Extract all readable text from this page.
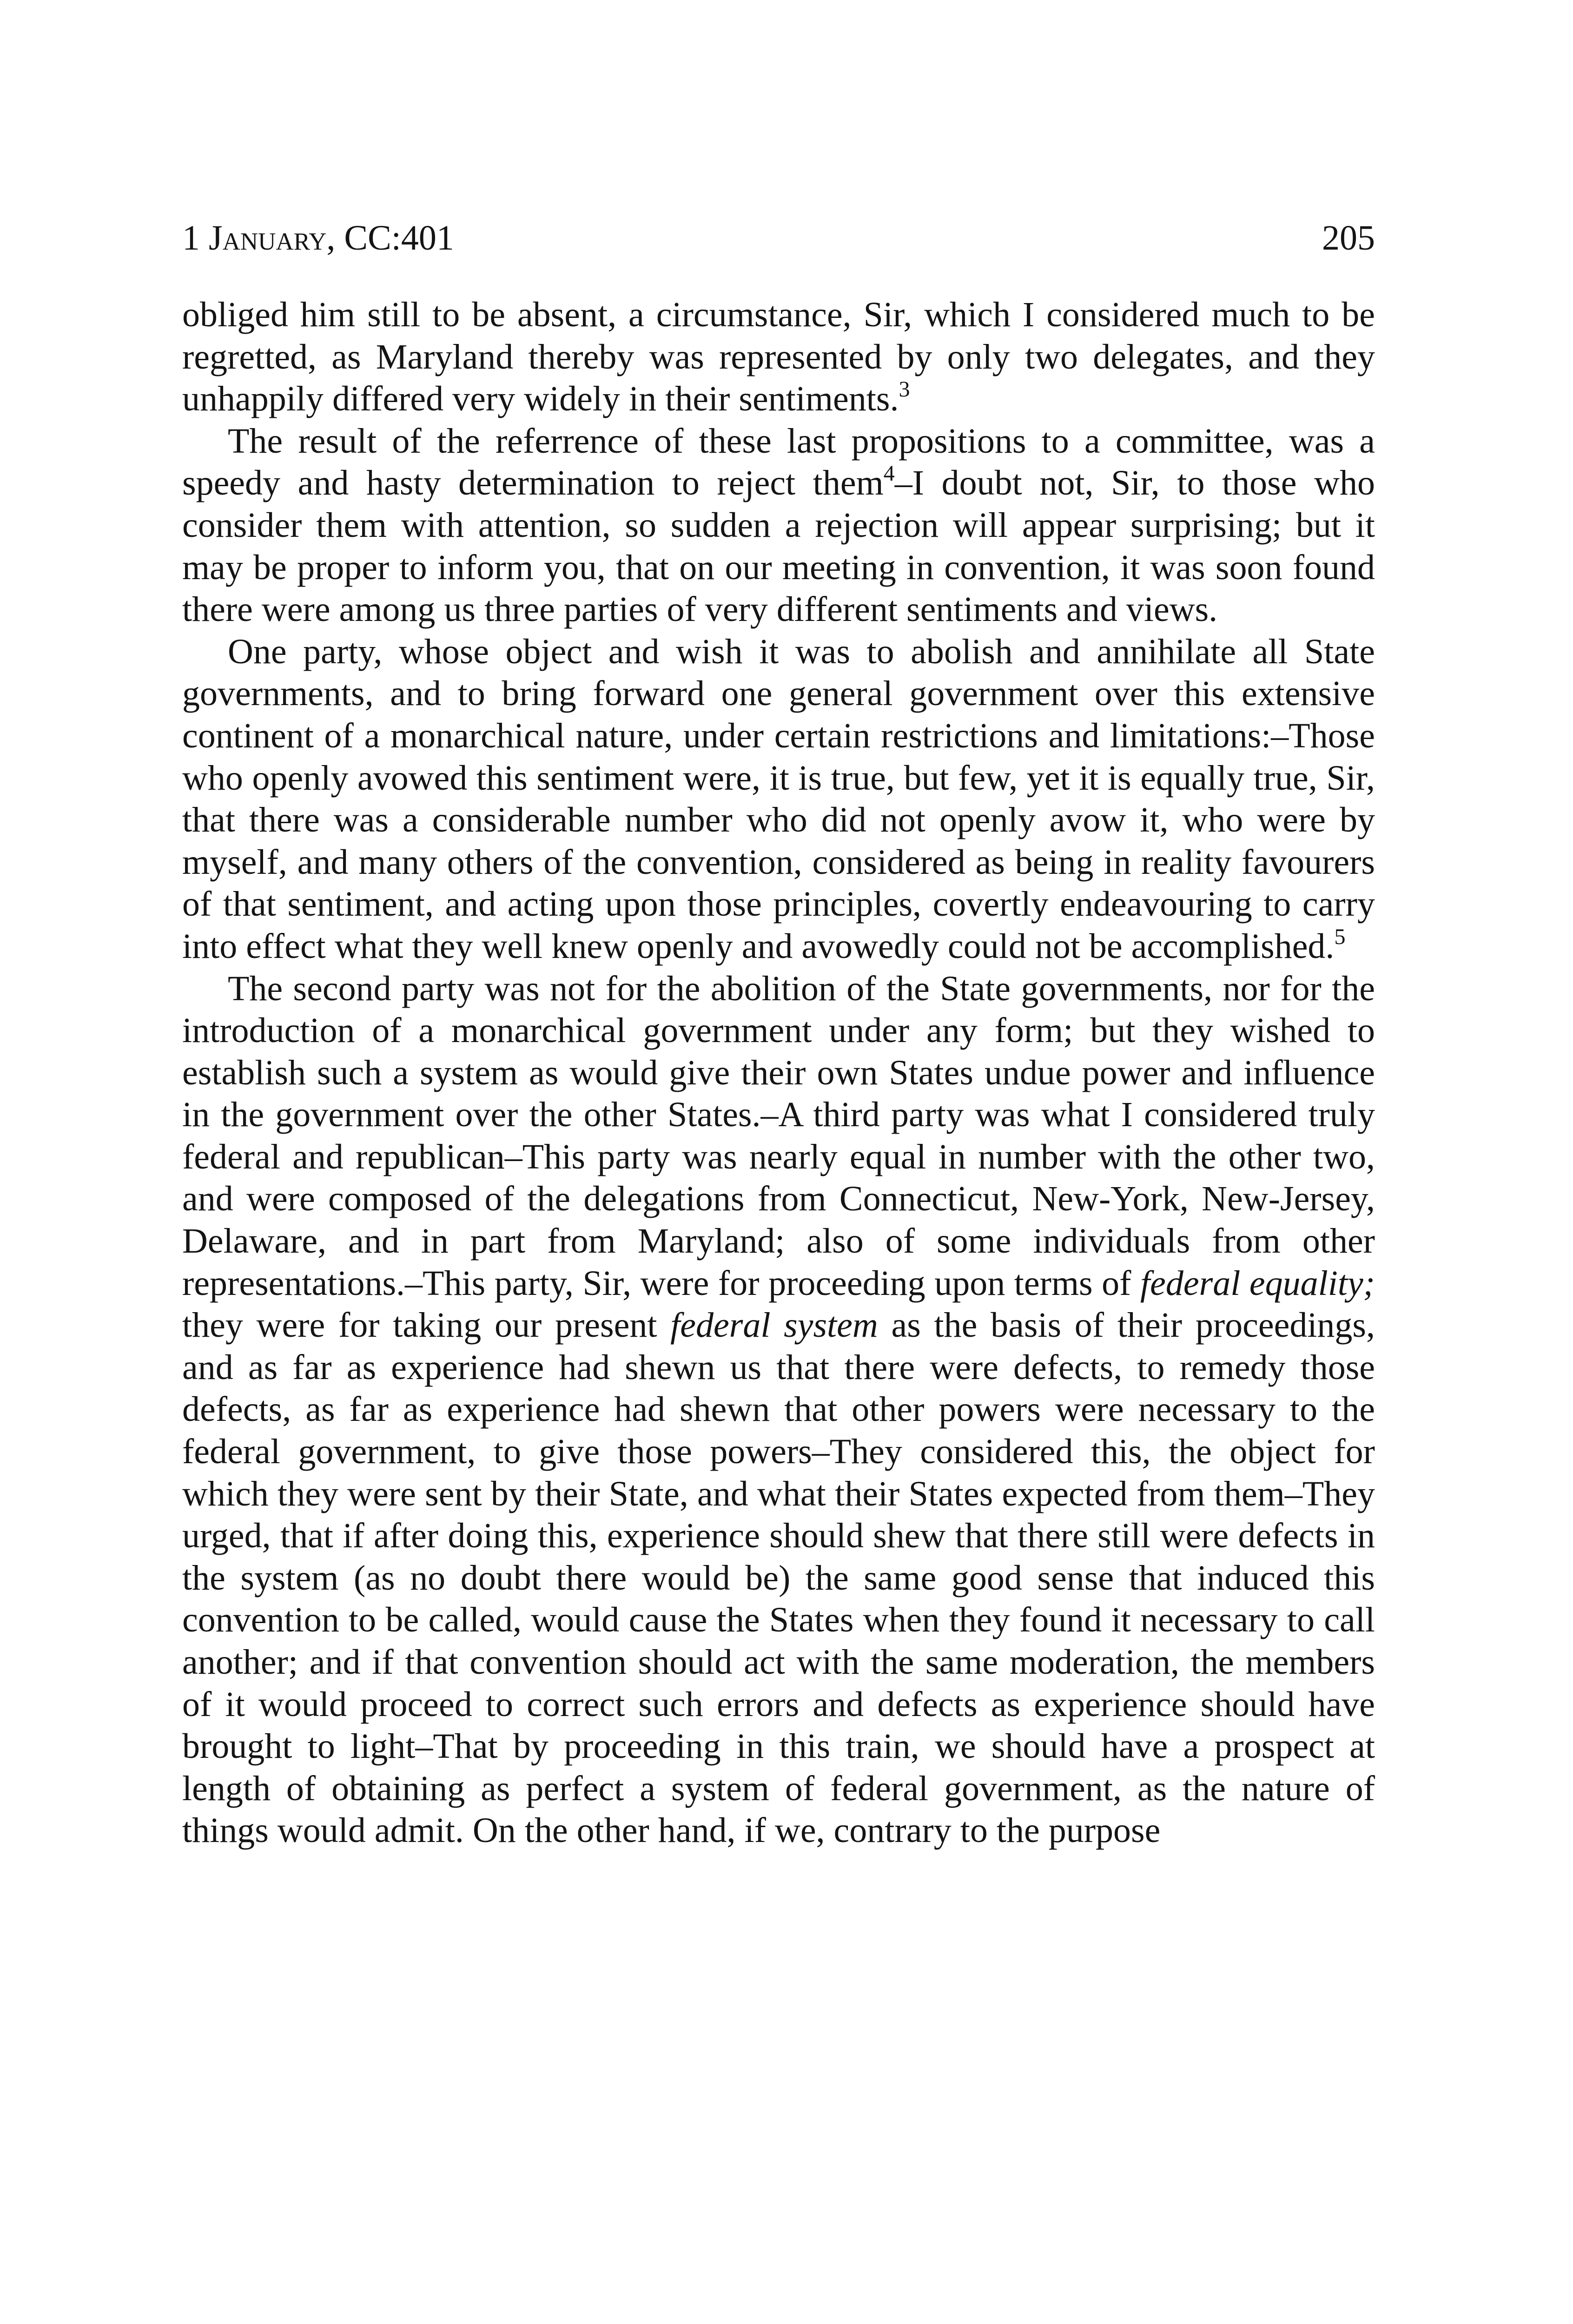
1 January, CC:401	205

obliged him still to be absent, a circumstance, Sir, which I considered much to be regretted, as Maryland thereby was represented by only two delegates, and they unhappily differed very widely in their sentiments.$^3$

The result of the referrence of these last propositions to a committee, was a speedy and hasty determination to reject them$^4$–I doubt not, Sir, to those who consider them with attention, so sudden a rejection will appear surprising; but it may be proper to inform you, that on our meeting in convention, it was soon found there were among us three parties of very different sentiments and views.

One party, whose object and wish it was to abolish and annihilate all State governments, and to bring forward one general government over this extensive continent of a monarchical nature, under certain restrictions and limitations:–Those who openly avowed this sentiment were, it is true, but few, yet it is equally true, Sir, that there was a considerable number who did not openly avow it, who were by myself, and many others of the convention, considered as being in reality favourers of that sentiment, and acting upon those principles, covertly endeavouring to carry into effect what they well knew openly and avowedly could not be accomplished.$^5$

The second party was not for the abolition of the State governments, nor for the introduction of a monarchical government under any form; but they wished to establish such a system as would give their own States undue power and influence in the government over the other States.–A third party was what I considered truly federal and republican–This party was nearly equal in number with the other two, and were composed of the delegations from Connecticut, New-York, New-Jersey, Delaware, and in part from Maryland; also of some individuals from other representations.–This party, Sir, were for proceeding upon terms of federal equality; they were for taking our present federal system as the basis of their proceedings, and as far as experience had shewn us that there were defects, to remedy those defects, as far as experience had shewn that other powers were necessary to the federal government, to give those powers–They considered this, the object for which they were sent by their State, and what their States expected from them–They urged, that if after doing this, experience should shew that there still were defects in the system (as no doubt there would be) the same good sense that induced this convention to be called, would cause the States when they found it necessary to call another; and if that convention should act with the same moderation, the members of it would proceed to correct such errors and defects as experience should have brought to light–That by proceeding in this train, we should have a prospect at length of obtaining as perfect a system of federal government, as the nature of things would admit. On the other hand, if we, contrary to the purpose
